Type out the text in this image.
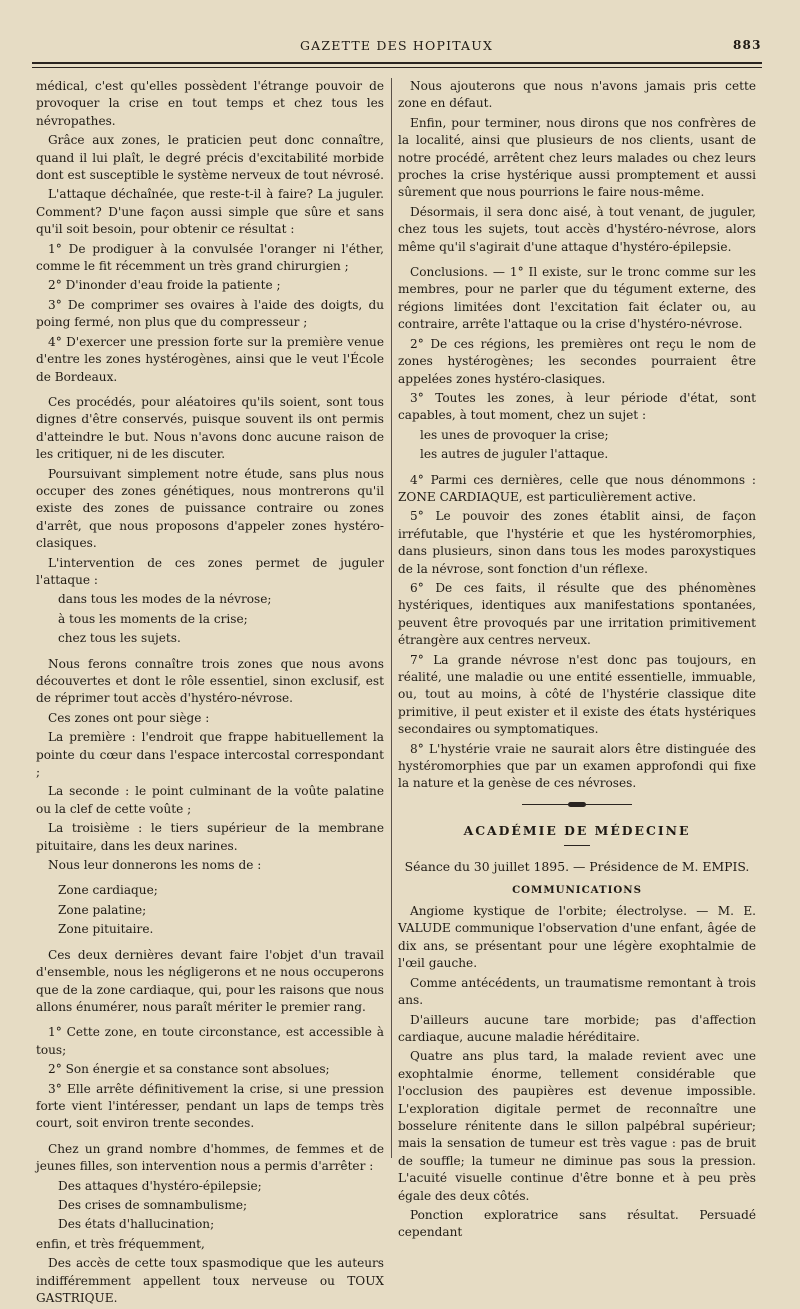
GAZETTE DES HOPITAUX	883

médical, c'est qu'elles possèdent l'étrange pouvoir de provoquer la crise en tout temps et chez tous les névropathes.

Grâce aux zones, le praticien peut donc connaître, quand il lui plaît, le degré précis d'excitabilité morbide dont est susceptible le système nerveux de tout névrosé.

L'attaque déchaînée, que reste-t-il à faire? La juguler. Comment? D'une façon aussi simple que sûre et sans qu'il soit besoin, pour obtenir ce résultat :

1° De prodiguer à la convulsée l'oranger ni l'éther, comme le fit récemment un très grand chirurgien ;

2° D'inonder d'eau froide la patiente ;

3° De comprimer ses ovaires à l'aide des doigts, du poing fermé, non plus que du compresseur ;

4° D'exercer une pression forte sur la première venue d'entre les zones hystérogènes, ainsi que le veut l'École de Bordeaux.

Ces procédés, pour aléatoires qu'ils soient, sont tous dignes d'être conservés, puisque souvent ils ont permis d'atteindre le but. Nous n'avons donc aucune raison de les critiquer, ni de les discuter.

Poursuivant simplement notre étude, sans plus nous occuper des zones génétiques, nous montrerons qu'il existe des zones de puissance contraire ou zones d'arrêt, que nous proposons d'appeler zones hystéro-clasiques.

L'intervention de ces zones permet de juguler l'attaque :

dans tous les modes de la névrose;

à tous les moments de la crise;

chez tous les sujets.

Nous ferons connaître trois zones que nous avons découvertes et dont le rôle essentiel, sinon exclusif, est de réprimer tout accès d'hystéro-névrose.

Ces zones ont pour siège :

La première : l'endroit que frappe habituellement la pointe du cœur dans l'espace intercostal correspondant ;

La seconde : le point culminant de la voûte palatine ou la clef de cette voûte ;

La troisième : le tiers supérieur de la membrane pituitaire, dans les deux narines.

Nous leur donnerons les noms de :

Zone cardiaque;

Zone palatine;

Zone pituitaire.

Ces deux dernières devant faire l'objet d'un travail d'ensemble, nous les négligerons et ne nous occuperons que de la zone cardiaque, qui, pour les raisons que nous allons énumérer, nous paraît mériter le premier rang.

1° Cette zone, en toute circonstance, est accessible à tous;

2° Son énergie et sa constance sont absolues;

3° Elle arrête définitivement la crise, si une pression forte vient l'intéresser, pendant un laps de temps très court, soit environ trente secondes.

Chez un grand nombre d'hommes, de femmes et de jeunes filles, son intervention nous a permis d'arrêter :

Des attaques d'hystéro-épilepsie;

Des crises de somnambulisme;

Des états d'hallucination;

enfin, et très fréquemment,

Des accès de cette toux spasmodique que les auteurs indifféremment appellent toux nerveuse ou TOUX GASTRIQUE.

Nous ajouterons que nous n'avons jamais pris cette zone en défaut.

Enfin, pour terminer, nous dirons que nos confrères de la localité, ainsi que plusieurs de nos clients, usant de notre procédé, arrêtent chez leurs malades ou chez leurs proches la crise hystérique aussi promptement et aussi sûrement que nous pourrions le faire nous-même.

Désormais, il sera donc aisé, à tout venant, de juguler, chez tous les sujets, tout accès d'hystéro-névrose, alors même qu'il s'agirait d'une attaque d'hystéro-épilepsie.

Conclusions. — 1° Il existe, sur le tronc comme sur les membres, pour ne parler que du tégument externe, des régions limitées dont l'excitation fait éclater ou, au contraire, arrête l'attaque ou la crise d'hystéro-névrose.

2° De ces régions, les premières ont reçu le nom de zones hystérogènes; les secondes pourraient être appelées zones hystéro-clasiques.

3° Toutes les zones, à leur période d'état, sont capables, à tout moment, chez un sujet :

les unes de provoquer la crise;

les autres de juguler l'attaque.

4° Parmi ces dernières, celle que nous dénommons : ZONE CARDIAQUE, est particulièrement active.

5° Le pouvoir des zones établit ainsi, de façon irréfutable, que l'hystérie et que les hystéromorphies, dans plusieurs, sinon dans tous les modes paroxystiques de la névrose, sont fonction d'un réflexe.

6° De ces faits, il résulte que des phénomènes hystériques, identiques aux manifestations spontanées, peuvent être provoqués par une irritation primitivement étrangère aux centres nerveux.

7° La grande névrose n'est donc pas toujours, en réalité, une maladie ou une entité essentielle, immuable, ou, tout au moins, à côté de l'hystérie classique dite primitive, il peut exister et il existe des états hystériques secondaires ou symptomatiques.

8° L'hystérie vraie ne saurait alors être distinguée des hystéromorphies que par un examen approfondi qui fixe la nature et la genèse de ces névroses.

ACADÉMIE DE MÉDECINE
Séance du 30 juillet 1895. — Présidence de M. EMPIS.
COMMUNICATIONS

Angiome kystique de l'orbite; électrolyse. — M. E. VALUDE communique l'observation d'une enfant, âgée de dix ans, se présentant pour une légère exophtalmie de l'œil gauche.

Comme antécédents, un traumatisme remontant à trois ans.

D'ailleurs aucune tare morbide; pas d'affection cardiaque, aucune maladie héréditaire.

Quatre ans plus tard, la malade revient avec une exophtalmie énorme, tellement considérable que l'occlusion des paupières est devenue impossible. L'exploration digitale permet de reconnaître une bosselure rénitente dans le sillon palpébral supérieur; mais la sensation de tumeur est très vague : pas de bruit de souffle; la tumeur ne diminue pas sous la pression. L'acuité visuelle continue d'être bonne et à peu près égale des deux côtés.

Ponction exploratrice sans résultat. Persuadé cependant
